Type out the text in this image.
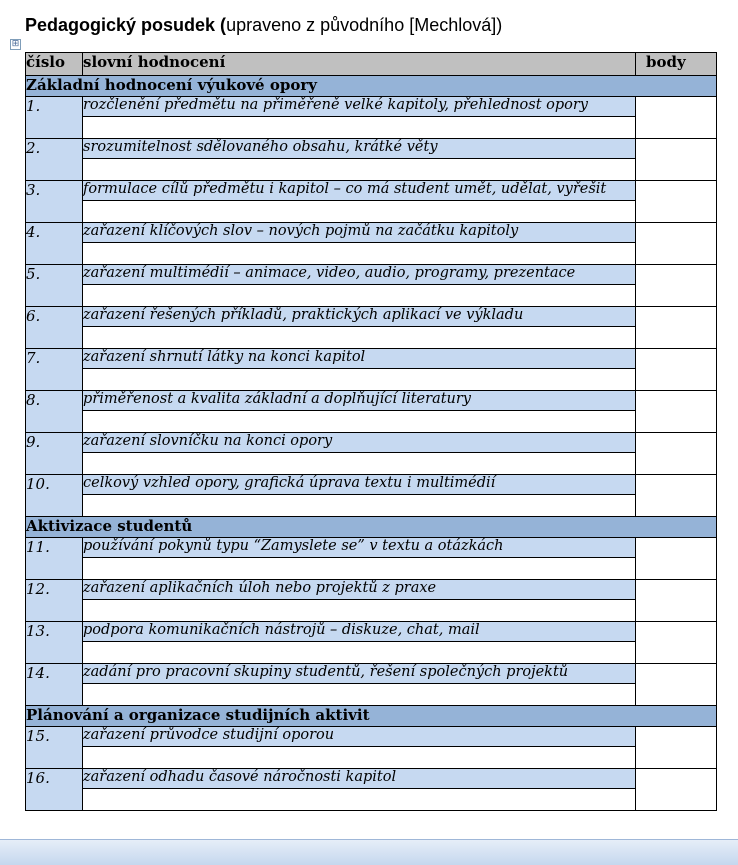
Pedagogický posudek (upraveno z původního [Mechlová])
⊞
číslo	slovní hodnocení	body
Základní hodnocení výukové opory		
1.	rozčlenění předmětu na přiměřeně velké kapitoly, přehlednost opory	

2.	srozumitelnost sdělovaného obsahu, krátké věty	

3.	formulace cílů předmětu i kapitol – co má student umět, udělat, vyřešit	

4.	zařazení klíčových slov – nových pojmů na začátku kapitoly	

5.	zařazení multimédií – animace, video, audio, programy, prezentace	

6.	zařazení řešených příkladů, praktických aplikací ve výkladu	

7.	zařazení shrnutí látky na konci kapitol	

8.	přiměřenost a kvalita základní a doplňující literatury	

9.	zařazení slovníčku na konci opory	

10.	celkový vzhled opory, grafická úprava textu i multimédií	

Aktivizace studentů		
11.	používání pokynů typu “Zamyslete se” v textu a otázkách	

12.	zařazení aplikačních úloh nebo projektů z praxe	

13.	podpora komunikačních nástrojů – diskuze, chat, mail	

14.	zadání pro pracovní skupiny studentů, řešení společných projektů	

Plánování a organizace studijních aktivit		
15.	zařazení průvodce studijní oporou	

16.	zařazení odhadu časové náročnosti kapitol	
